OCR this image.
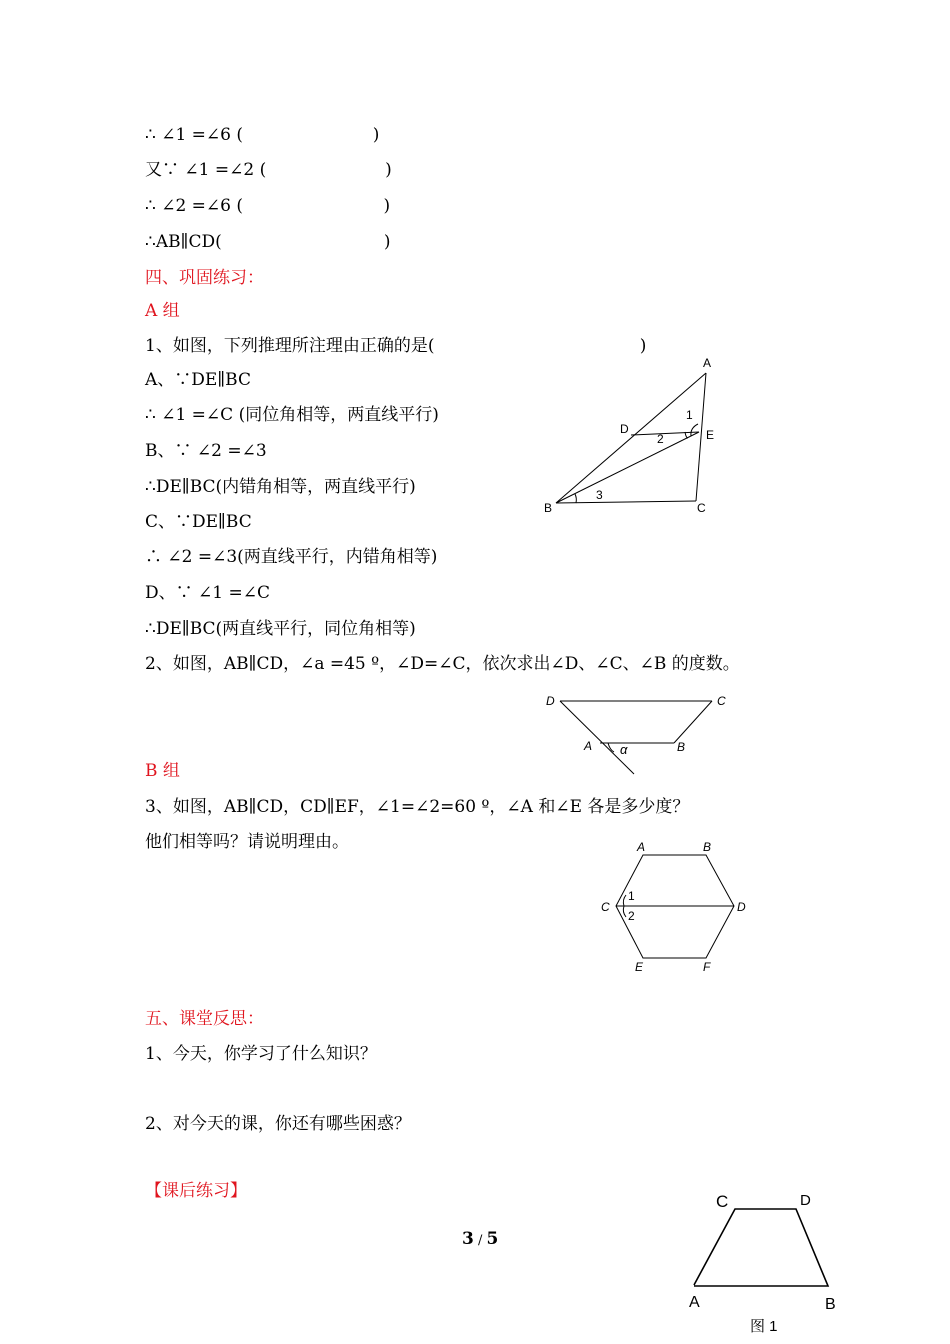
∴ ∠1 =∠6 (                        )
又∵ ∠1 =∠2 (                      )
∴ ∠2 =∠6 (                          )
∴AB∥CD(                              )
四、巩固练习：
A 组
1、如图，下列推理所注理由正确的是(                                      )
A、∵DE∥BC
∴ ∠1 =∠C (同位角相等，两直线平行)
B、∵ ∠2 =∠3
∴DE∥BC(内错角相等，两直线平行)
C、∵DE∥BC
∴ ∠2 =∠3(两直线平行，内错角相等)
D、∵ ∠1 =∠C
∴DE∥BC(两直线平行，同位角相等)
A
B	C
D	E
1
2
3
2、如图，AB∥CD，∠a =45 º，∠D=∠C，依次求出∠D、∠C、∠B 的度数。
D	C
A	B
α
B 组
3、如图，AB∥CD，CD∥EF，∠1=∠2=60 º，∠A 和∠E 各是多少度？
他们相等吗？请说明理由。	A	B
C	D
E	F
1
2
五、课堂反思：
1、今天，你学习了什么知识？
2、对今天的课，你还有哪些困惑？
【课后练习】
3 / 5
C	D
A	B
图 1
